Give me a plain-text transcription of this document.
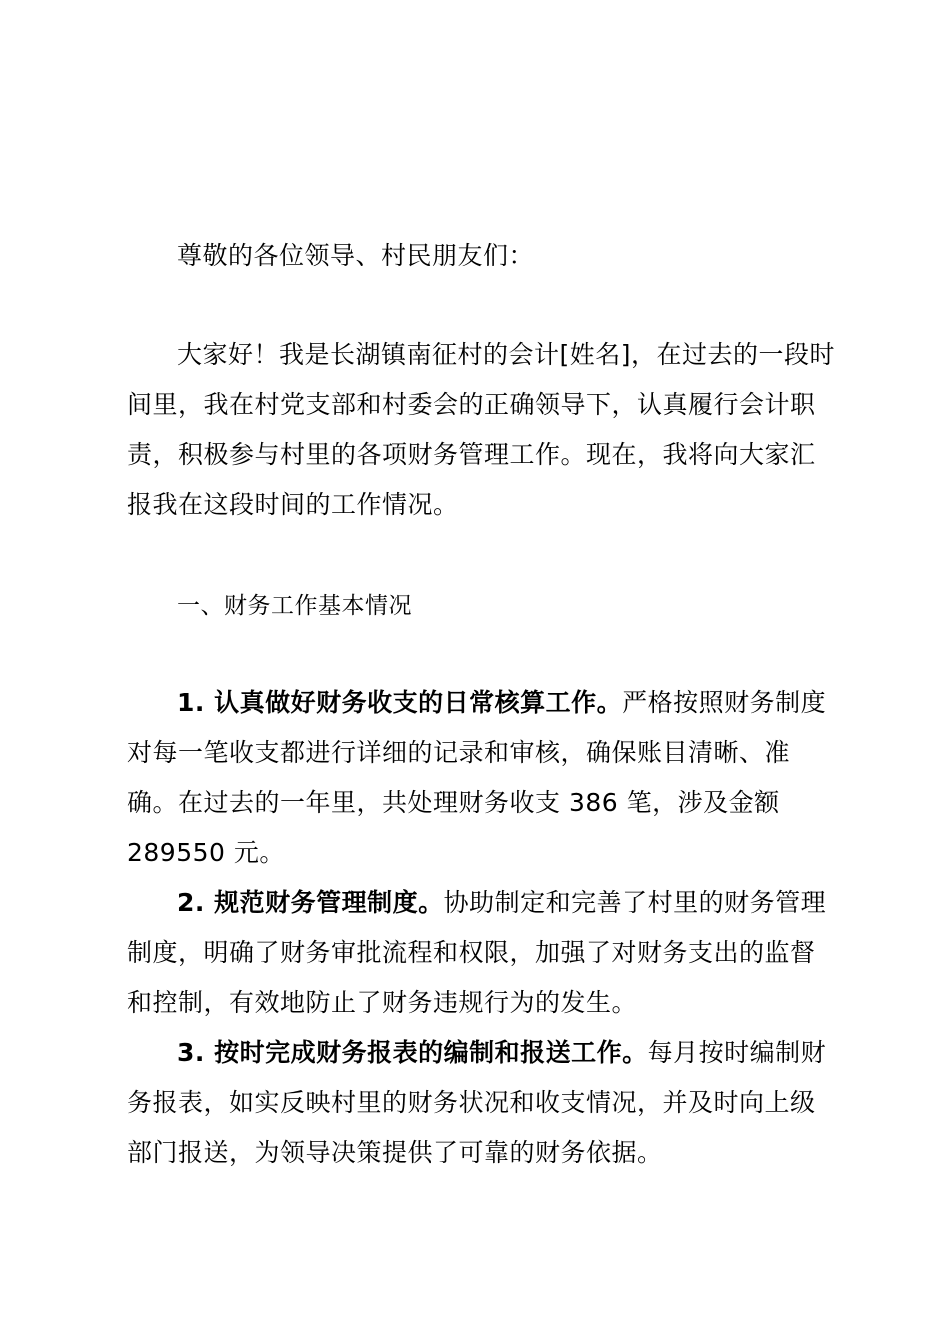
尊敬的各位领导、村民朋友们：

大家好！我是长湖镇南征村的会计[姓名]，在过去的一段时间里，我在村党支部和村委会的正确领导下，认真履行会计职责，积极参与村里的各项财务管理工作。现在，我将向大家汇报我在这段时间的工作情况。

一、财务工作基本情况

1. 认真做好财务收支的日常核算工作。严格按照财务制度对每一笔收支都进行详细的记录和审核，确保账目清晰、准确。在过去的一年里，共处理财务收支 386 笔，涉及金额 289550 元。

2. 规范财务管理制度。协助制定和完善了村里的财务管理制度，明确了财务审批流程和权限，加强了对财务支出的监督和控制，有效地防止了财务违规行为的发生。

3. 按时完成财务报表的编制和报送工作。每月按时编制财务报表，如实反映村里的财务状况和收支情况，并及时向上级部门报送，为领导决策提供了可靠的财务依据。
